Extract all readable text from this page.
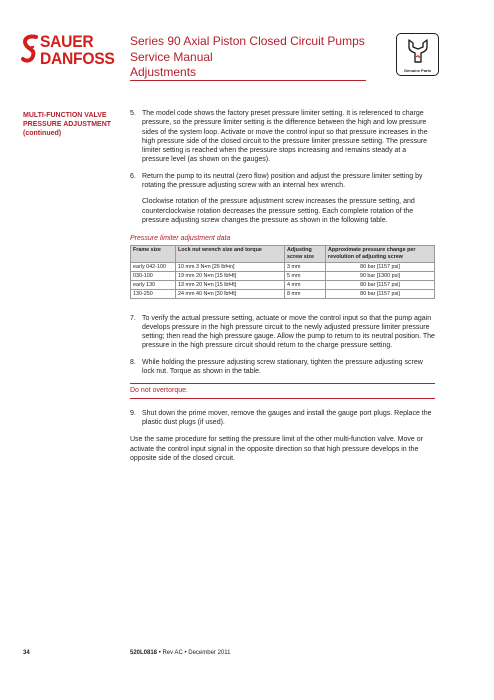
SAUER
DANFOSS
Series 90 Axial Piston Closed Circuit Pumps
Service Manual
Adjustments	Genuine Parts
MULTI-FUNCTION VALVE
PRESSURE ADJUSTMENT
(continued)
5. The model code shows the factory preset pressure limiter setting. It is referenced to charge pressure, so the pressure limiter setting is the difference between the high and low pressure sides of the system loop. Activate or move the control input so that pressure increases in the high pressure side of the closed circuit to the pressure limiter pressure setting. The pressure limiter setting is reached when the pressure stops increasing and remains steady at a pressure level (as shown on the gauges).
6. Return the pump to its neutral (zero flow) position and adjust the pressure limiter setting by rotating the pressure adjusting screw with an internal hex wrench.
Clockwise rotation of the pressure adjustment screw increases the pressure setting, and counterclockwise rotation decreases the pressure setting. Each complete rotation of the pressure adjusting screw changes the pressure as shown in the following table.
Pressure limiter adjustment data
Frame size	Lock nut wrench size and torque	Adjusting screw size	Approximate pressure change per revolution of adjusting screw
early 042-100	10 mm 3 N•m [26 lbf•in]	3 mm	80 bar [1157 psi]
030-100	19 mm 20 N•m [15 lbf•ft]	5 mm	90 bar [1300 psi]
early 130	13 mm 20 N•m [15 lbf•ft]	4 mm	80 bar [1157 psi]
130-250	24 mm 40 N•m [30 lbf•ft]	8 mm	80 bar [1157 psi]
7. To verify the actual pressure setting, actuate or move the control input so that the pump again develops pressure in the high pressure circuit to the newly adjusted pressure limiter pressure setting; then read the high pressure gauge. Allow the pump to return to its neutral position. The pressure in the high pressure circuit should return to the charge pressure setting.
8. While holding the pressure adjusting screw stationary, tighten the pressure adjusting screw lock nut. Torque as shown in the table.
Do not overtorque.
9. Shut down the prime mover, remove the gauges and install the gauge port plugs. Replace the plastic dust plugs (if used).
Use the same procedure for setting the pressure limit of the other multi-function valve. Move or activate the control input signal in the opposite direction so that high pressure develops in the opposite side of the closed circuit.
34	520L0818 • Rev AC • December 2011
